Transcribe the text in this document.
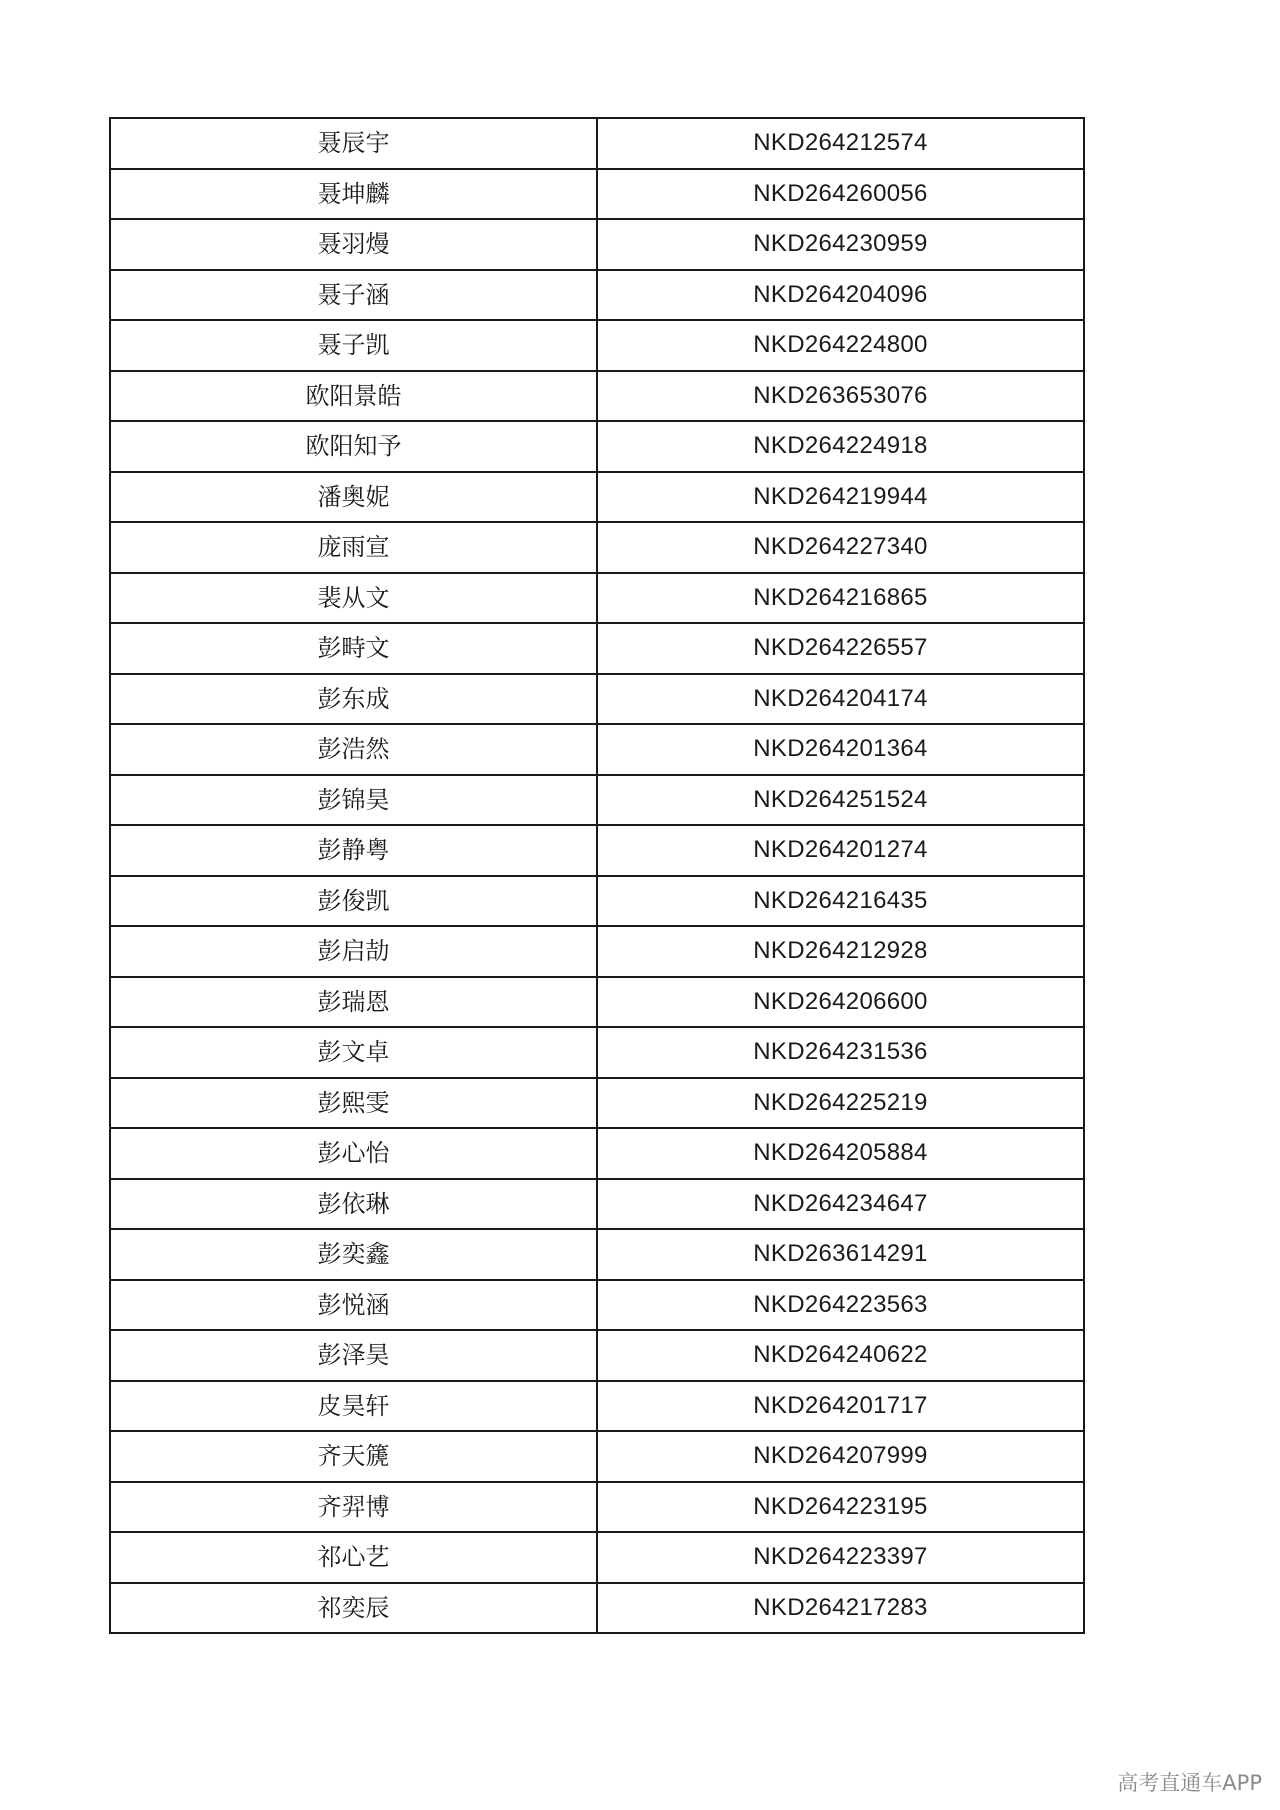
聂辰宇	NKD264212574
聂坤麟	NKD264260056
聂羽熳	NKD264230959
聂子涵	NKD264204096
聂子凯	NKD264224800
欧阳景皓	NKD263653076
欧阳知予	NKD264224918
潘奥妮	NKD264219944
庞雨宣	NKD264227340
裴从文	NKD264216865
彭畤文	NKD264226557
彭东成	NKD264204174
彭浩然	NKD264201364
彭锦昊	NKD264251524
彭静粤	NKD264201274
彭俊凯	NKD264216435
彭启劼	NKD264212928
彭瑞恩	NKD264206600
彭文卓	NKD264231536
彭熙雯	NKD264225219
彭心怡	NKD264205884
彭依琳	NKD264234647
彭奕鑫	NKD263614291
彭悦涵	NKD264223563
彭泽昊	NKD264240622
皮昊轩	NKD264201717
齐天篪	NKD264207999
齐羿博	NKD264223195
祁心艺	NKD264223397
祁奕辰	NKD264217283
高考直通车APP
